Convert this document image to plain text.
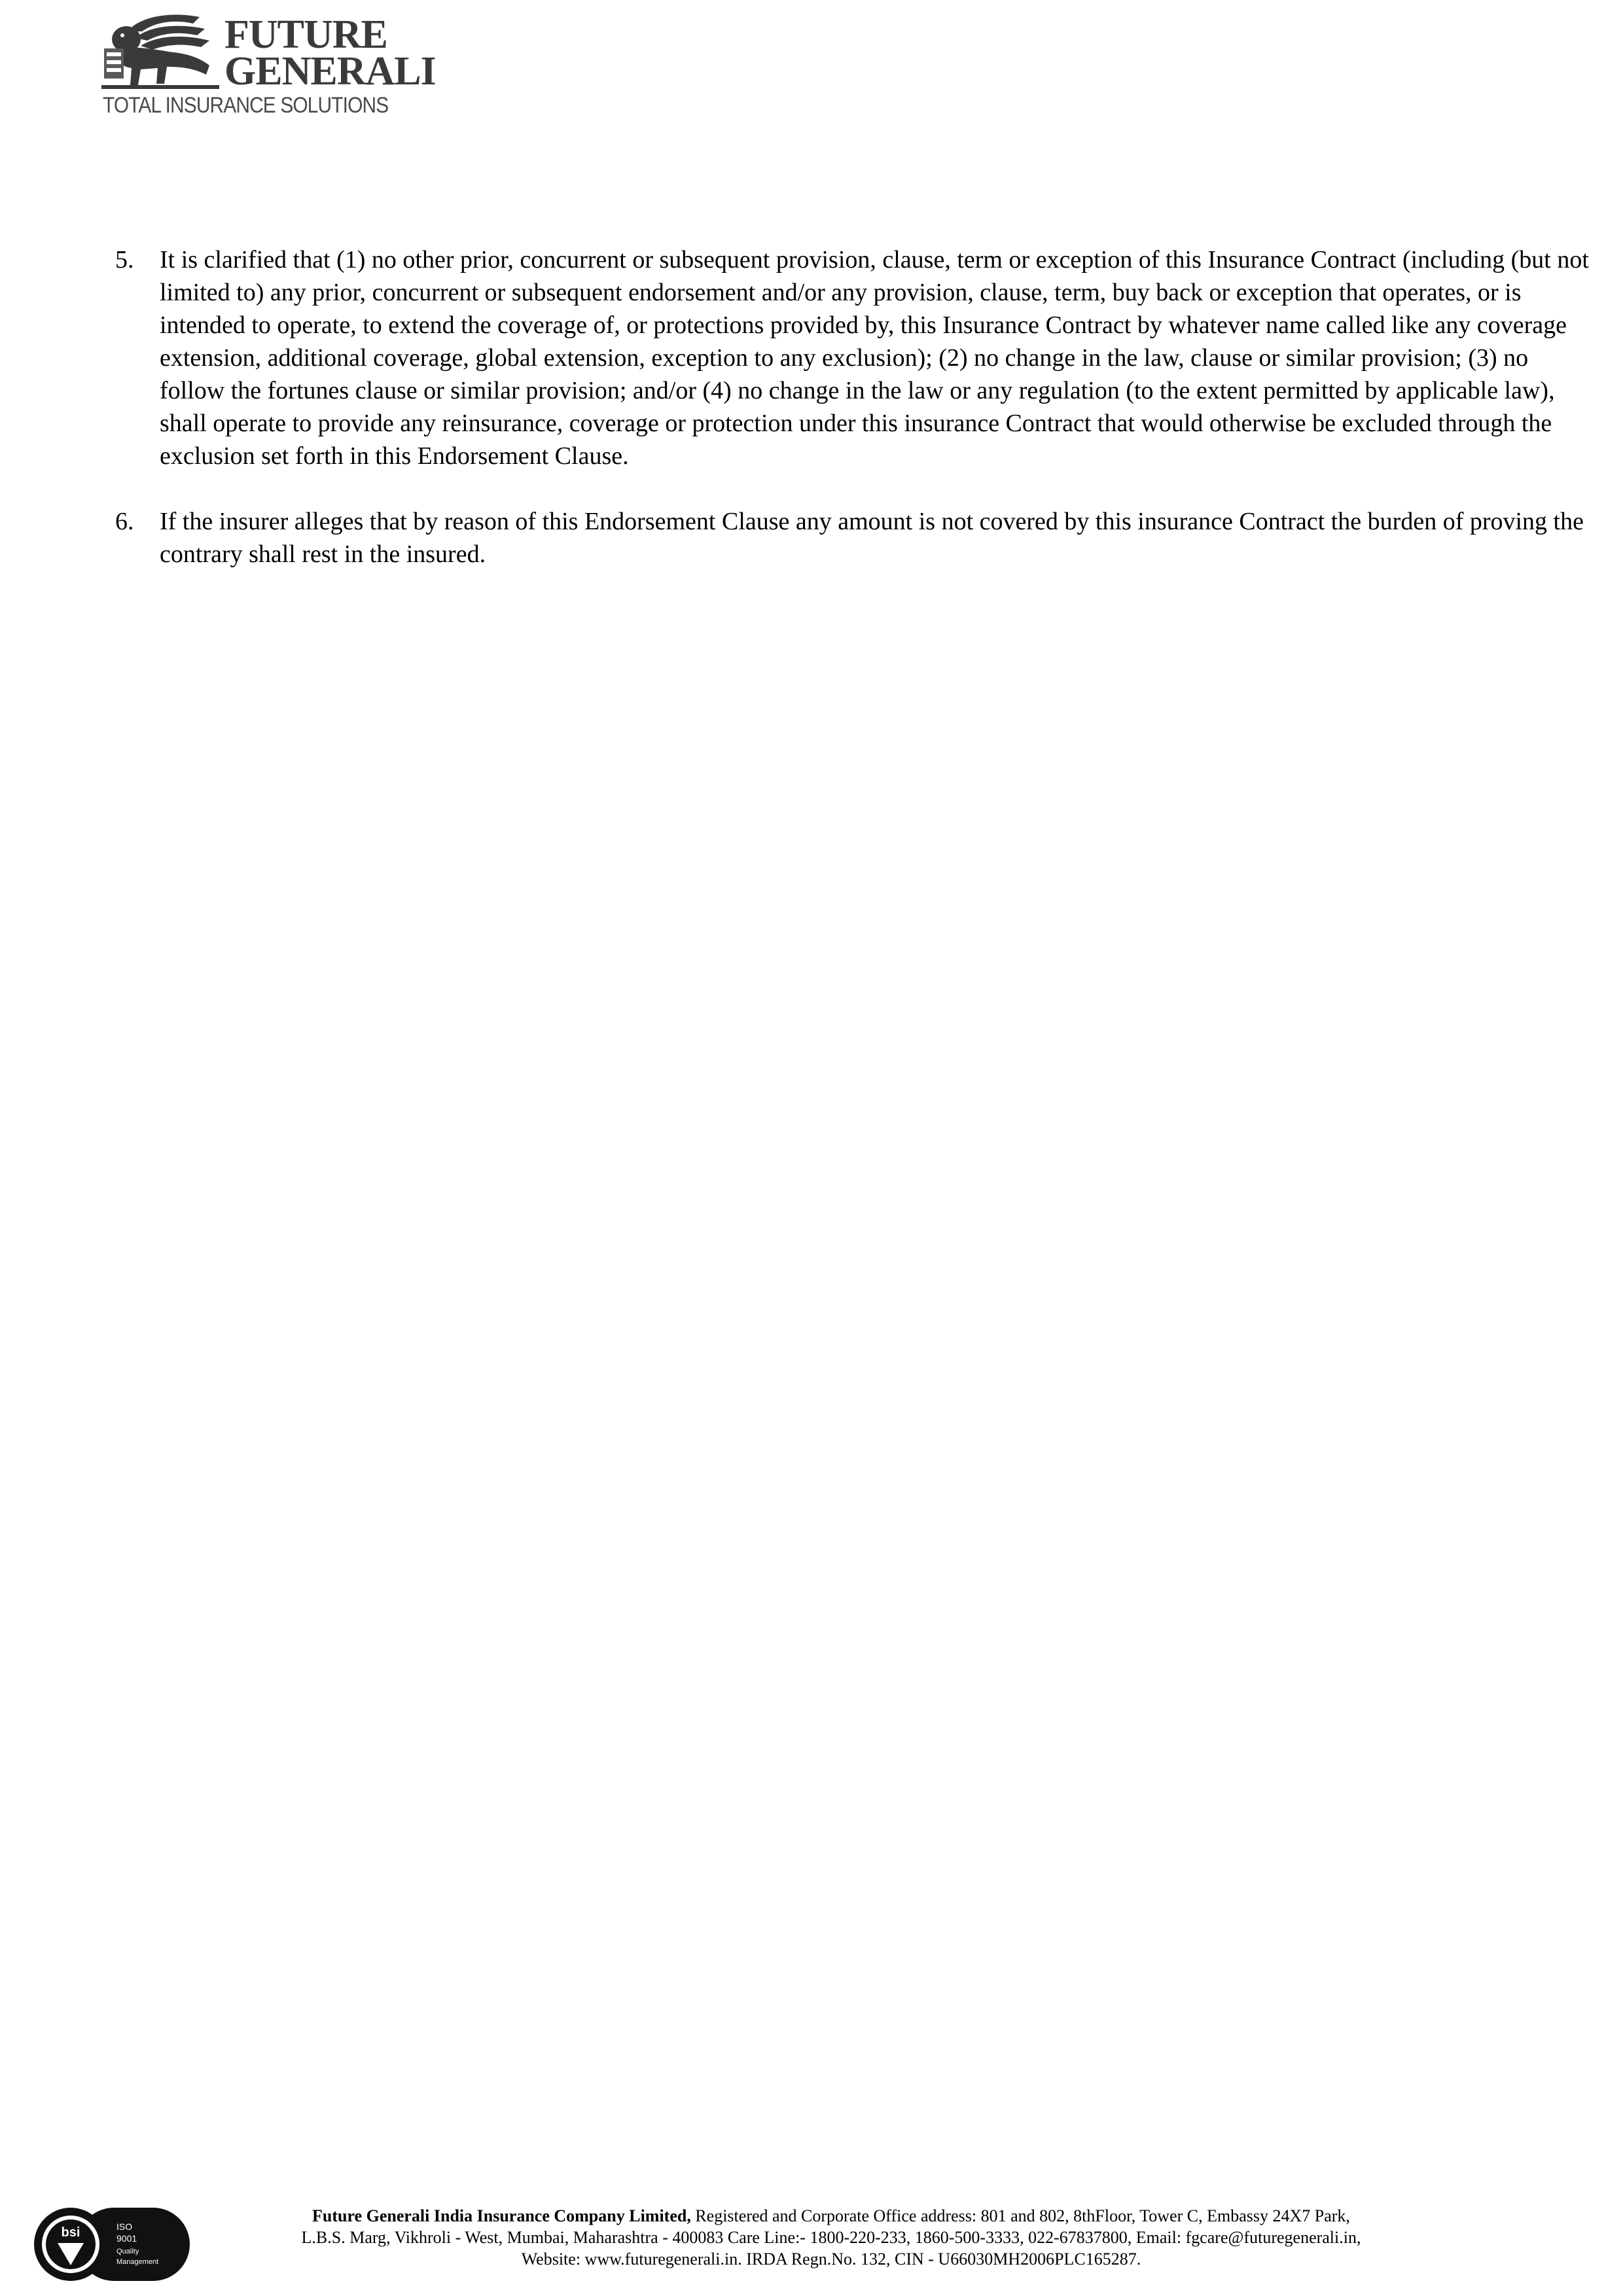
FUTURE
GENERALI
TOTAL INSURANCE SOLUTIONS

5. It is clarified that (1) no other prior, concurrent or subsequent provision, clause, term or exception of this Insurance Contract (including (but not limited to) any prior, concurrent or subsequent endorsement and/or any provision, clause, term, buy back or exception that operates, or is intended to operate, to extend the coverage of, or protections provided by, this Insurance Contract by whatever name called like any coverage extension, additional coverage, global extension, exception to any exclusion); (2) no change in the law, clause or similar provision; (3) no follow the fortunes clause or similar provision; and/or (4) no change in the law or any regulation (to the extent permitted by applicable law), shall operate to provide any reinsurance, coverage or protection under this insurance Contract that would otherwise be excluded through the exclusion set forth in this Endorsement Clause.

6. If the insurer alleges that by reason of this Endorsement Clause any amount is not covered by this insurance Contract the burden of proving the contrary shall rest in the insured.

bsi	ISO
9001
Quality
Management
Future Generali India Insurance Company Limited, Registered and Corporate Office address: 801 and 802, 8thFloor, Tower C, Embassy 24X7 Park,
L.B.S. Marg, Vikhroli - West, Mumbai, Maharashtra - 400083 Care Line:- 1800-220-233, 1860-500-3333, 022-67837800, Email: fgcare@futuregenerali.in,
Website: www.futuregenerali.in. IRDA Regn.No. 132, CIN - U66030MH2006PLC165287.
